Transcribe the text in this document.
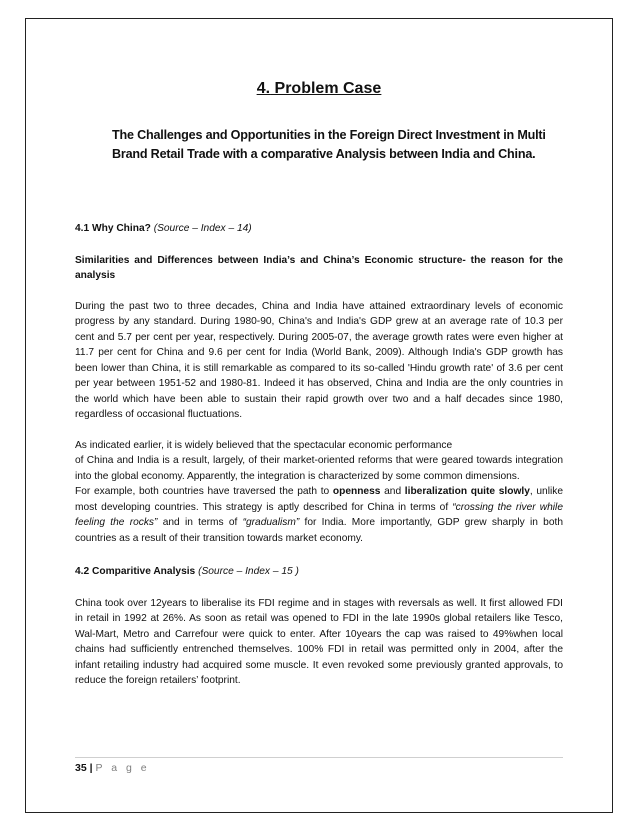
4. Problem Case
The Challenges and Opportunities in the Foreign Direct Investment in Multi Brand Retail Trade with a comparative Analysis between India and China.

4.1 Why China? (Source – Index – 14)

Similarities and Differences between India’s and China’s Economic structure- the reason for the analysis

During the past two to three decades, China and India have attained extraordinary levels of economic progress by any standard. During 1980-90, China's and India's GDP grew at an average rate of 10.3 per cent and 5.7 per cent per year, respectively. During 2005-07, the average growth rates were even higher at 11.7 per cent for China and 9.6 per cent for India (World Bank, 2009). Although India's GDP growth has been lower than China, it is still remarkable as compared to its so-called 'Hindu growth rate' of 3.6 per cent per year between 1951-52 and 1980-81. Indeed it has observed, China and India are the only countries in the world which have been able to sustain their rapid growth over two and a half decades since 1980, regardless of occasional fluctuations.

As indicated earlier, it is widely believed that the spectacular economic performance

of China and India is a result, largely, of their market-oriented reforms that were geared towards integration into the global economy. Apparently, the integration is characterized by some common dimensions.

For example, both countries have traversed the path to openness and liberalization quite slowly, unlike most developing countries. This strategy is aptly described for China in terms of “crossing the river while feeling the rocks” and in terms of “gradualism” for India. More importantly, GDP grew sharply in both countries as a result of their transition towards market economy.

4.2 Comparitive Analysis (Source – Index – 15 )

China took over 12years to liberalise its FDI regime and in stages with reversals as well. It first allowed FDI in retail in 1992 at 26%. As soon as retail was opened to FDI in the late 1990s global retailers like Tesco, Wal-Mart, Metro and Carrefour were quick to enter. After 10years the cap was raised to 49%when local chains had sufficiently entrenched themselves. 100% FDI in retail was permitted only in 2004, after the infant retailing industry had acquired some muscle. It even revoked some previously granted approvals, to reduce the foreign retailers’ footprint.

35 | P a g e
